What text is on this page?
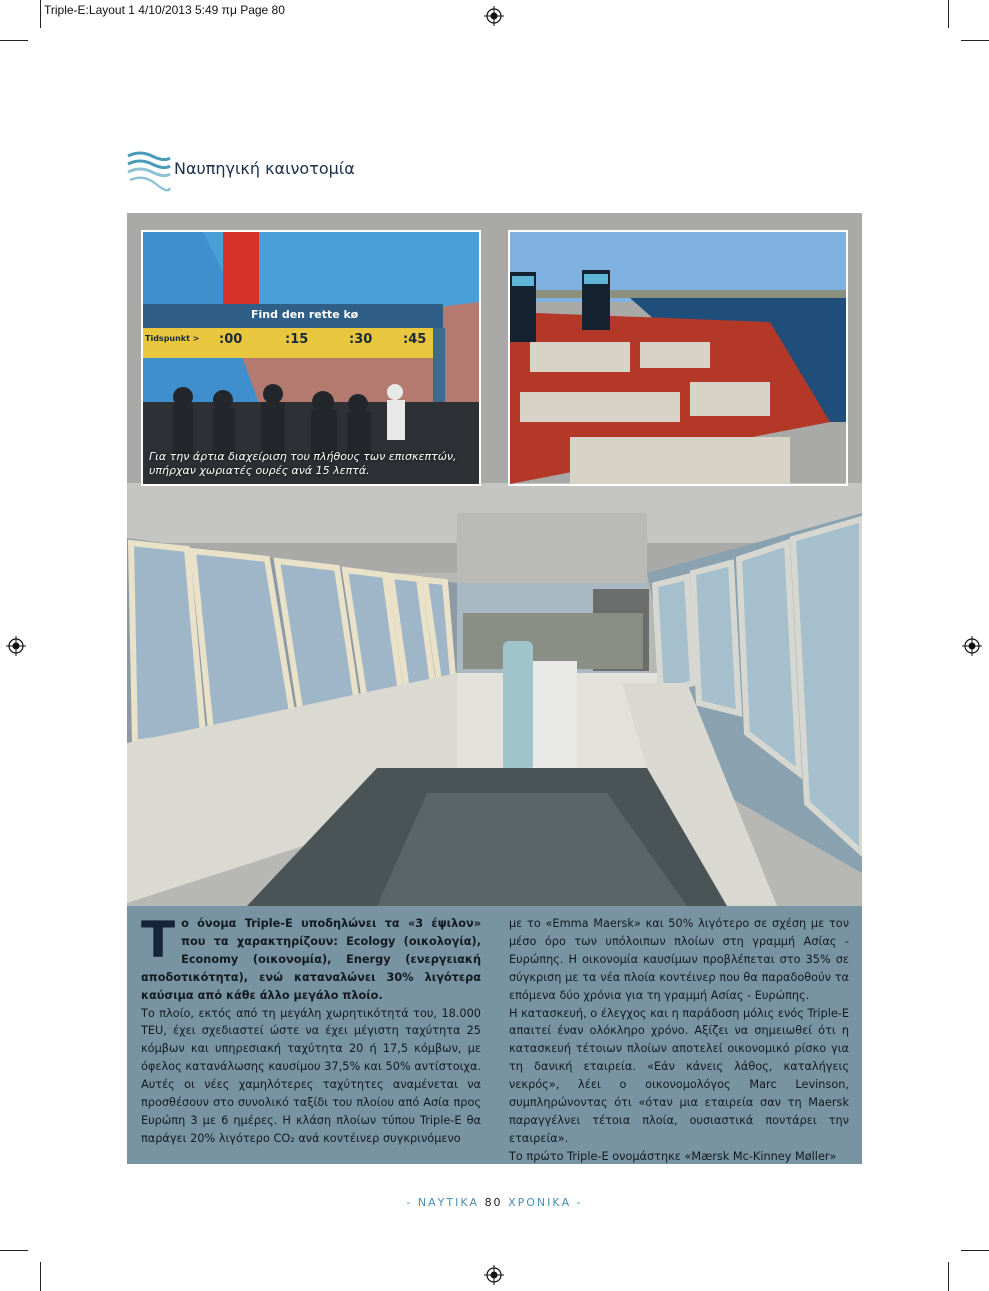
Triple-E:Layout 1 4/10/2013 5:49 πμ Page 80
Ναυπηγική καινοτομία
Find den rette kø
Tidspunkt > :00	:15	:30 :45
Για την άρτια διαχείριση του πλήθους των επισκεπτών, υπήρχαν χωριατές ουρές ανά 15 λεπτά.

Τ ο όνομα Triple-E υποδηλώνει τα «3 έψιλον» που τα χαρακτηρίζουν: Ecology (οικολογία), Economy (οικονομία), Energy (ενεργειακή αποδοτικότητα), ενώ καταναλώνει 30% λιγότερα καύσιμα από κάθε άλλο μεγάλο πλοίο.

Το πλοίο, εκτός από τη μεγάλη χωρητικότητά του, 18.000 TEU, έχει σχεδιαστεί ώστε να έχει μέγιστη ταχύτητα 25 κόμβων και υπηρεσιακή ταχύτητα 20 ή 17,5 κόμβων, με όφελος κατανάλωσης καυσίμου 37,5% και 50% αντίστοιχα. Αυτές οι νέες χαμηλότερες ταχύτητες αναμένεται να προσθέσουν στο συνολικό ταξίδι του πλοίου από Ασία προς Ευρώπη 3 με 6 ημέρες. Η κλάση πλοίων τύπου Triple-E θα παράγει 20% λιγότερο CO₂ ανά κοντέινερ συγκρινόμενο

με το «Emma Maersk» και 50% λιγότερο σε σχέση με τον μέσο όρο των υπόλοιπων πλοίων στη γραμμή Ασίας - Ευρώπης. Η οικονομία καυσίμων προβλέπεται στο 35% σε σύγκριση με τα νέα πλοία κοντέινερ που θα παραδοθούν τα επόμενα δύο χρόνια για τη γραμμή Ασίας - Ευρώπης.

Η κατασκευή, ο έλεγχος και η παράδοση μόλις ενός Triple-E απαιτεί έναν ολόκληρο χρόνο. Αξίζει να σημειωθεί ότι η κατασκευή τέτοιων πλοίων αποτελεί οικονομικό ρίσκο για τη δανική εταιρεία. «Εάν κάνεις λάθος, καταλήγεις νεκρός», λέει ο οικονομολόγος Marc Levinson, συμπληρώνοντας ότι «όταν μια εταιρεία σαν τη Maersk παραγγέλνει τέτοια πλοία, ουσιαστικά ποντάρει την εταιρεία».

Το πρώτο Triple-E ονομάστηκε «Mærsk Mc-Kinney Møller»

- ΝΑΥΤΙΚΑ 80 ΧΡΟΝΙΚΑ -
